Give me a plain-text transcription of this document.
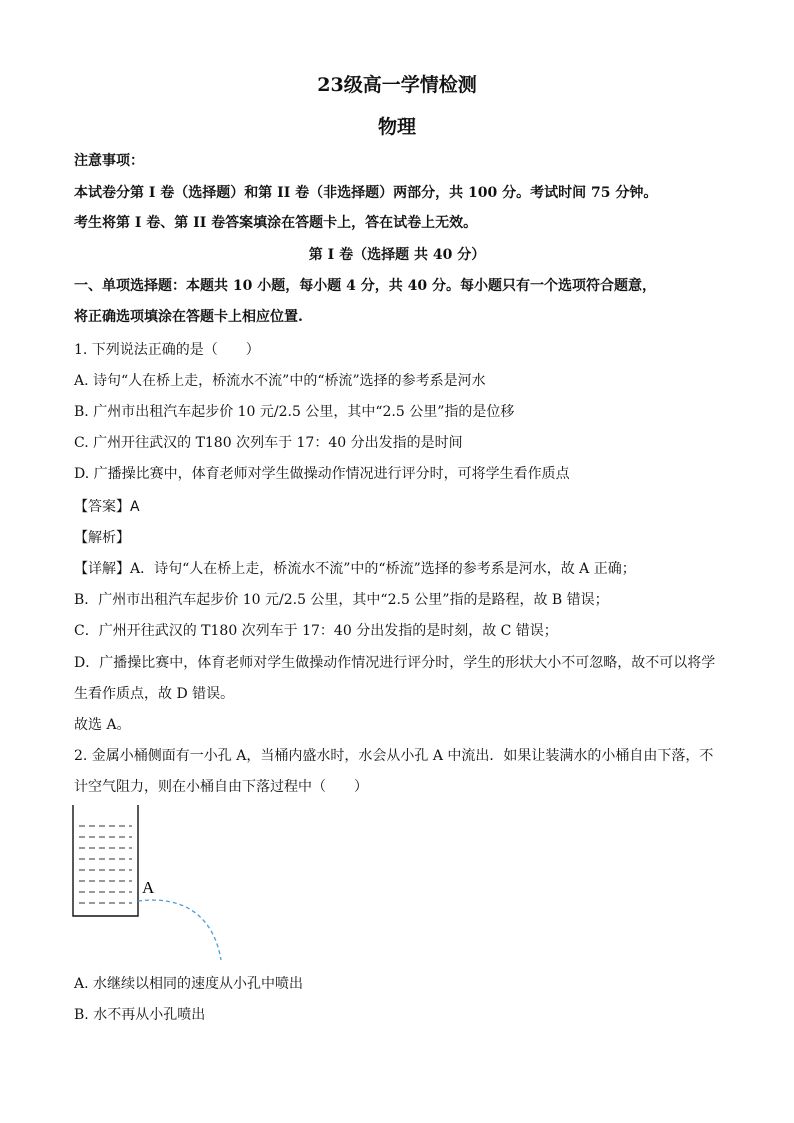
23级高一学情检测
物理
注意事项：
本试卷分第 I 卷（选择题）和第 II 卷（非选择题）两部分，共 100 分。考试时间 75 分钟。
考生将第 I 卷、第 II 卷答案填涂在答题卡上，答在试卷上无效。
第 I 卷（选择题 共 40 分）
一、单项选择题：本题共 10 小题，每小题 4 分，共 40 分。每小题只有一个选项符合题意，
将正确选项填涂在答题卡上相应位置.
1. 下列说法正确的是（　　）
A. 诗句“人在桥上走，桥流水不流”中的“桥流”选择的参考系是河水
B. 广州市出租汽车起步价 10 元/2.5 公里，其中“2.5 公里”指的是位移
C. 广州开往武汉的 T180 次列车于 17：40 分出发指的是时间
D. 广播操比赛中，体育老师对学生做操动作情况进行评分时，可将学生看作质点
【答案】A
【解析】
【详解】A．诗句“人在桥上走，桥流水不流”中的“桥流”选择的参考系是河水，故 A 正确；
B．广州市出租汽车起步价 10 元/2.5 公里，其中“2.5 公里”指的是路程，故 B 错误；
C．广州开往武汉的 T180 次列车于 17：40 分出发指的是时刻，故 C 错误；
D．广播操比赛中，体育老师对学生做操动作情况进行评分时，学生的形状大小不可忽略，故不可以将学
生看作质点，故 D 错误。
故选 A。
2. 金属小桶侧面有一小孔 A，当桶内盛水时，水会从小孔 A 中流出．如果让装满水的小桶自由下落，不
计空气阻力，则在小桶自由下落过程中（　　）
A
A. 水继续以相同的速度从小孔中喷出
B. 水不再从小孔喷出
